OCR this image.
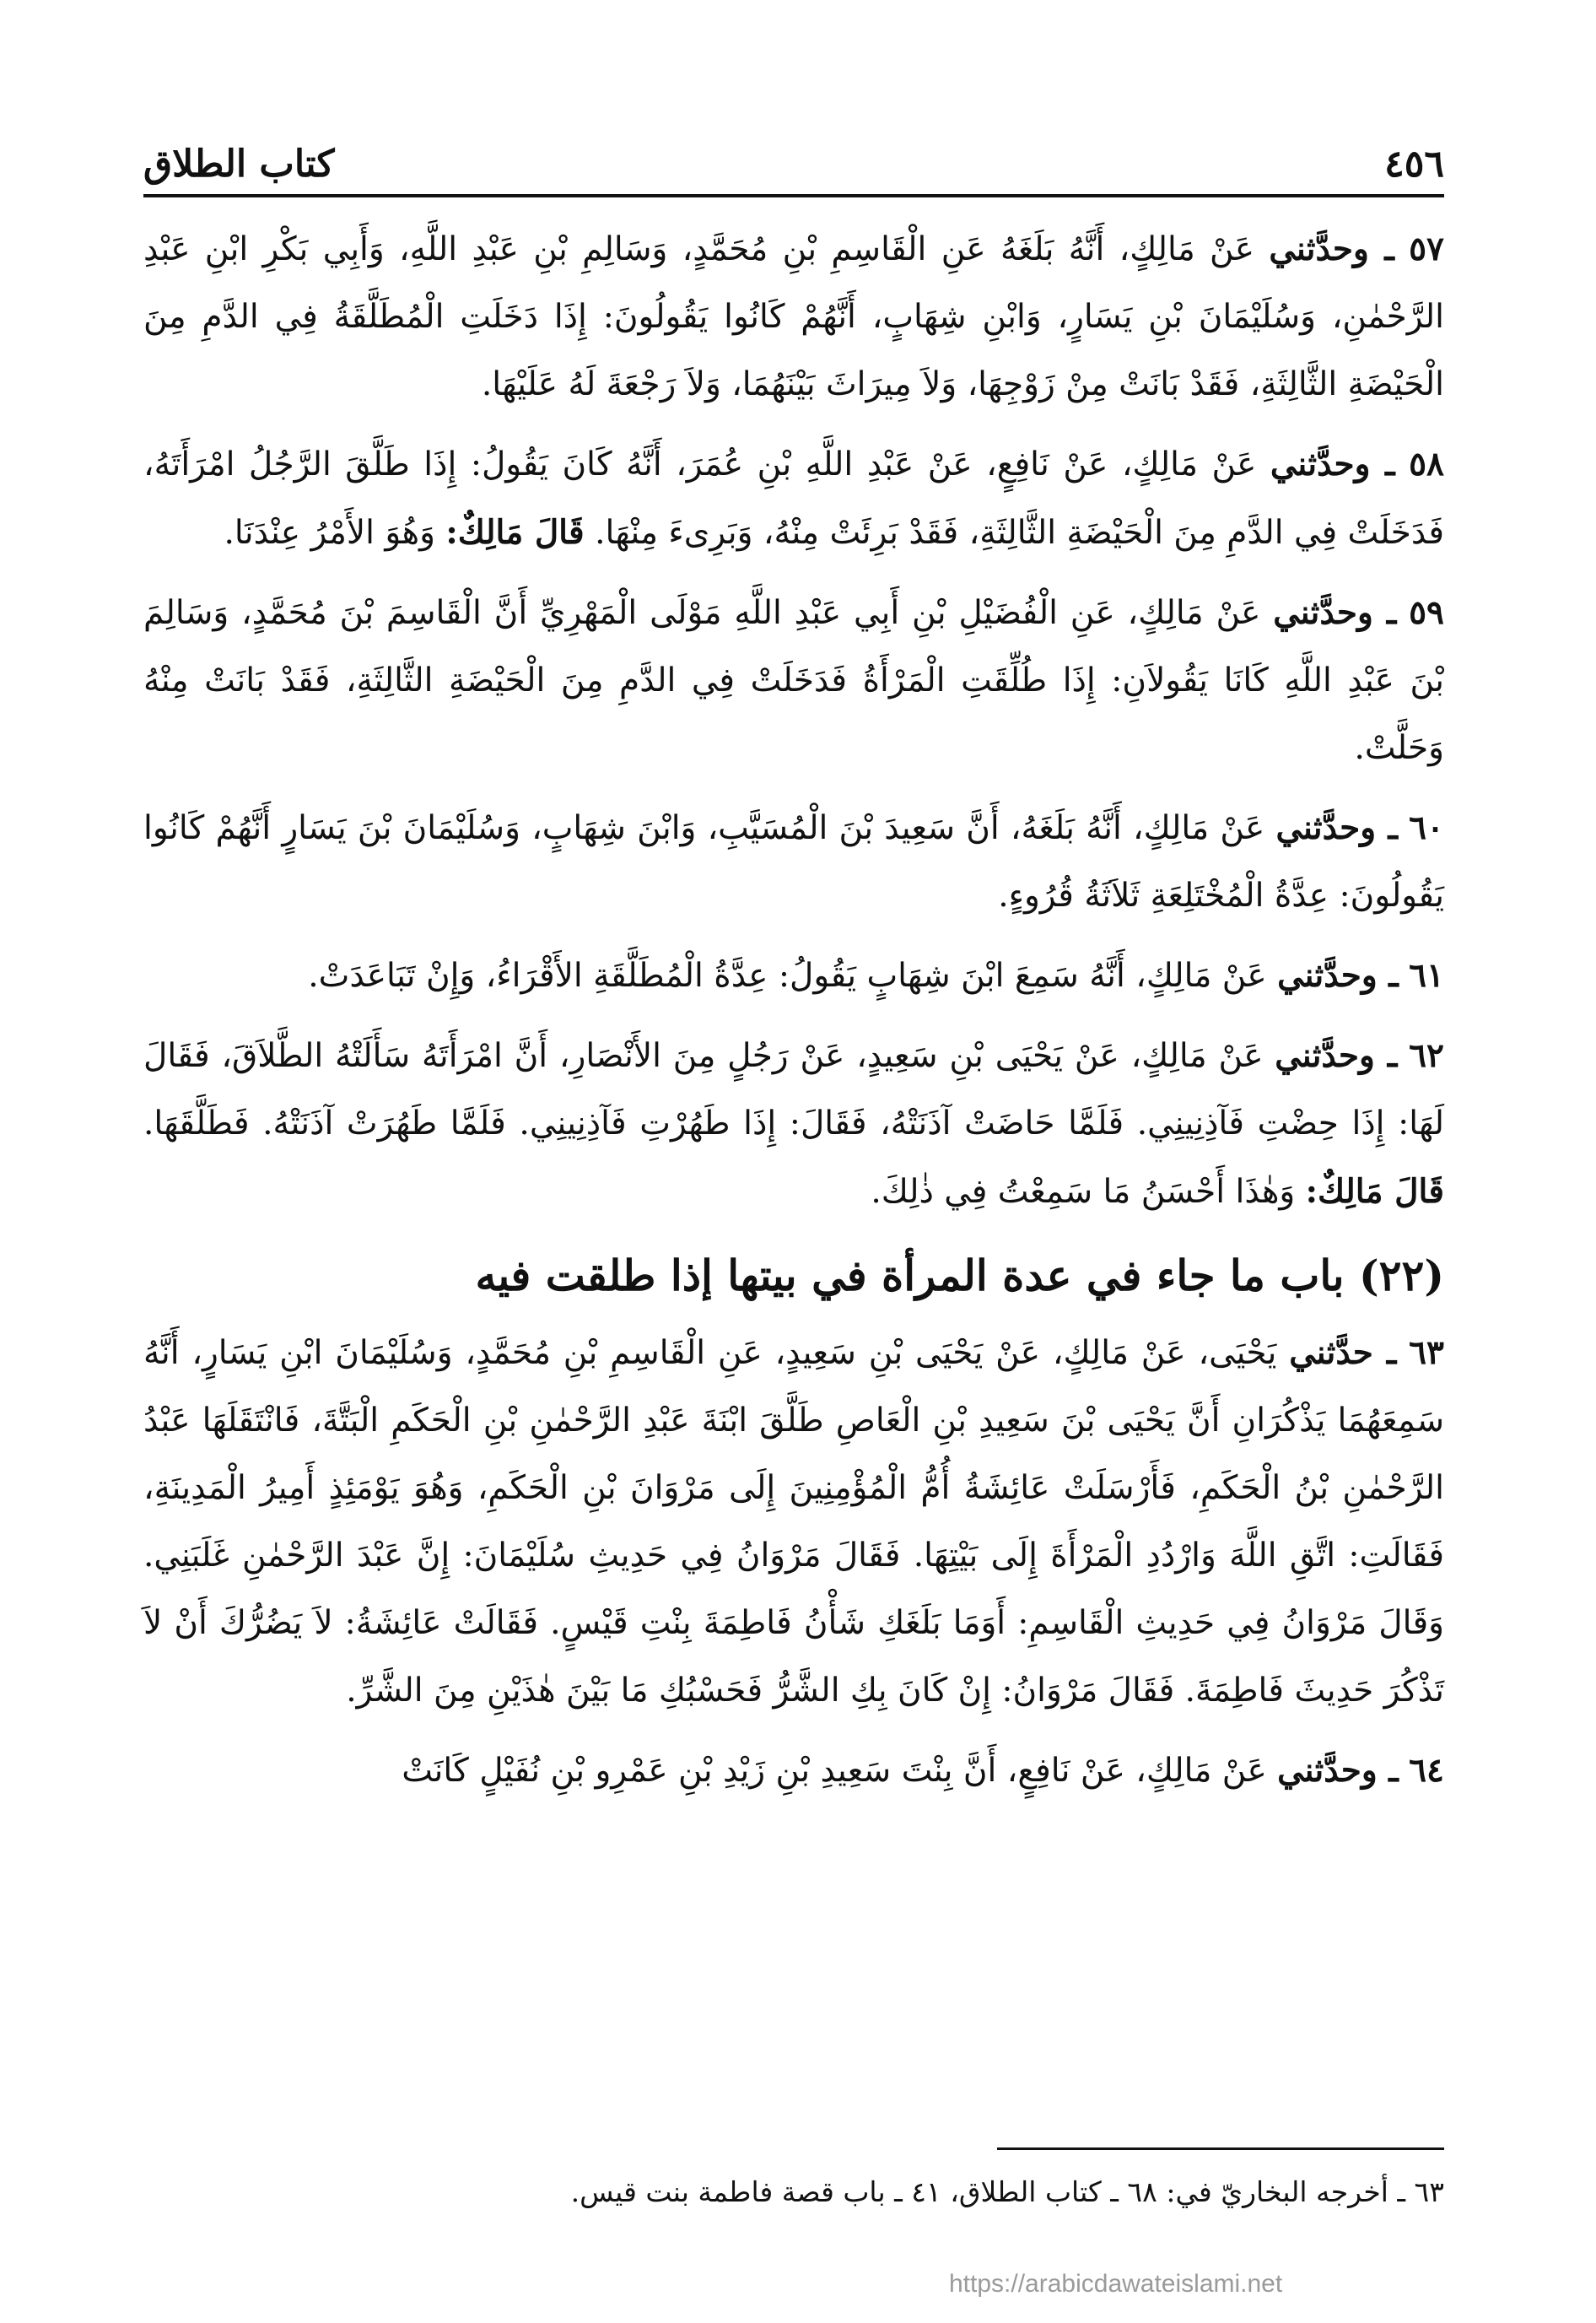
٤٥٦
كتاب الطلاق

٥٧ ـ وحدَّثني عَنْ مَالِكٍ، أَنَّهُ بَلَغَهُ عَنِ الْقَاسِمِ بْنِ مُحَمَّدٍ، وَسَالِمِ بْنِ عَبْدِ اللَّهِ، وَأَبِي بَكْرِ ابْنِ عَبْدِ الرَّحْمٰنِ، وَسُلَيْمَانَ بْنِ يَسَارٍ، وَابْنِ شِهَابٍ، أَنَّهُمْ كَانُوا يَقُولُونَ: إِذَا دَخَلَتِ الْمُطَلَّقَةُ فِي الدَّمِ مِنَ الْحَيْضَةِ الثَّالِثَةِ، فَقَدْ بَانَتْ مِنْ زَوْجِهَا، وَلاَ مِيرَاثَ بَيْنَهُمَا، وَلاَ رَجْعَةَ لَهُ عَلَيْهَا.

٥٨ ـ وحدَّثني عَنْ مَالِكٍ، عَنْ نَافِعٍ، عَنْ عَبْدِ اللَّهِ بْنِ عُمَرَ، أَنَّهُ كَانَ يَقُولُ: إِذَا طَلَّقَ الرَّجُلُ امْرَأَتَهُ، فَدَخَلَتْ فِي الدَّمِ مِنَ الْحَيْضَةِ الثَّالِثَةِ، فَقَدْ بَرِئَتْ مِنْهُ، وَبَرِىءَ مِنْهَا. قَالَ مَالِكٌ: وَهُوَ الأَمْرُ عِنْدَنَا.

٥٩ ـ وحدَّثني عَنْ مَالِكٍ، عَنِ الْفُضَيْلِ بْنِ أَبِي عَبْدِ اللَّهِ مَوْلَى الْمَهْرِيِّ أَنَّ الْقَاسِمَ بْنَ مُحَمَّدٍ، وَسَالِمَ بْنَ عَبْدِ اللَّهِ كَانَا يَقُولاَنِ: إِذَا طُلِّقَتِ الْمَرْأَةُ فَدَخَلَتْ فِي الدَّمِ مِنَ الْحَيْضَةِ الثَّالِثَةِ، فَقَدْ بَانَتْ مِنْهُ وَحَلَّتْ.

٦٠ ـ وحدَّثني عَنْ مَالِكٍ، أَنَّهُ بَلَغَهُ، أَنَّ سَعِيدَ بْنَ الْمُسَيَّبِ، وَابْنَ شِهَابٍ، وَسُلَيْمَانَ بْنَ يَسَارٍ أَنَّهُمْ كَانُوا يَقُولُونَ: عِدَّةُ الْمُخْتَلِعَةِ ثَلاَثَةُ قُرُوءٍ.

٦١ ـ وحدَّثني عَنْ مَالِكٍ، أَنَّهُ سَمِعَ ابْنَ شِهَابٍ يَقُولُ: عِدَّةُ الْمُطَلَّقَةِ الأَقْرَاءُ، وَإِنْ تَبَاعَدَتْ.

٦٢ ـ وحدَّثني عَنْ مَالِكٍ، عَنْ يَحْيَى بْنِ سَعِيدٍ، عَنْ رَجُلٍ مِنَ الأَنْصَارِ، أَنَّ امْرَأَتَهُ سَأَلَتْهُ الطَّلاَقَ، فَقَالَ لَهَا: إِذَا حِضْتِ فَآذِنِينِي. فَلَمَّا حَاضَتْ آذَنَتْهُ، فَقَالَ: إِذَا طَهُرْتِ فَآذِنِينِي. فَلَمَّا طَهُرَتْ آذَنَتْهُ. فَطَلَّقَهَا. قَالَ مَالِكٌ: وَهٰذَا أَحْسَنُ مَا سَمِعْتُ فِي ذٰلِكَ.

(٢٢) باب ما جاء في عدة المرأة في بيتها إذا طلقت فيه

٦٣ ـ حدَّثني يَحْيَى، عَنْ مَالِكٍ، عَنْ يَحْيَى بْنِ سَعِيدٍ، عَنِ الْقَاسِمِ بْنِ مُحَمَّدٍ، وَسُلَيْمَانَ ابْنِ يَسَارٍ، أَنَّهُ سَمِعَهُمَا يَذْكُرَانِ أَنَّ يَحْيَى بْنَ سَعِيدِ بْنِ الْعَاصِ طَلَّقَ ابْنَةَ عَبْدِ الرَّحْمٰنِ بْنِ الْحَكَمِ الْبَتَّةَ، فَانْتَقَلَهَا عَبْدُ الرَّحْمٰنِ بْنُ الْحَكَمِ، فَأَرْسَلَتْ عَائِشَةُ أُمُّ الْمُؤْمِنِينَ إِلَى مَرْوَانَ بْنِ الْحَكَمِ، وَهُوَ يَوْمَئِذٍ أَمِيرُ الْمَدِينَةِ، فَقَالَتِ: اتَّقِ اللَّهَ وَارْدُدِ الْمَرْأَةَ إِلَى بَيْتِهَا. فَقَالَ مَرْوَانُ فِي حَدِيثِ سُلَيْمَانَ: إِنَّ عَبْدَ الرَّحْمٰنِ غَلَبَنِي. وَقَالَ مَرْوَانُ فِي حَدِيثِ الْقَاسِمِ: أَوَمَا بَلَغَكِ شَأْنُ فَاطِمَةَ بِنْتِ قَيْسٍ. فَقَالَتْ عَائِشَةُ: لاَ يَضُرُّكَ أَنْ لاَ تَذْكُرَ حَدِيثَ فَاطِمَةَ. فَقَالَ مَرْوَانُ: إِنْ كَانَ بِكِ الشَّرُّ فَحَسْبُكِ مَا بَيْنَ هٰذَيْنِ مِنَ الشَّرِّ.

٦٤ ـ وحدَّثني عَنْ مَالِكٍ، عَنْ نَافِعٍ، أَنَّ بِنْتَ سَعِيدِ بْنِ زَيْدِ بْنِ عَمْرِو بْنِ نُفَيْلٍ كَانَتْ

٦٣ ـ أخرجه البخاريّ في: ٦٨ ـ كتاب الطلاق، ٤١ ـ باب قصة فاطمة بنت قيس.
https://arabicdawateislami.net
